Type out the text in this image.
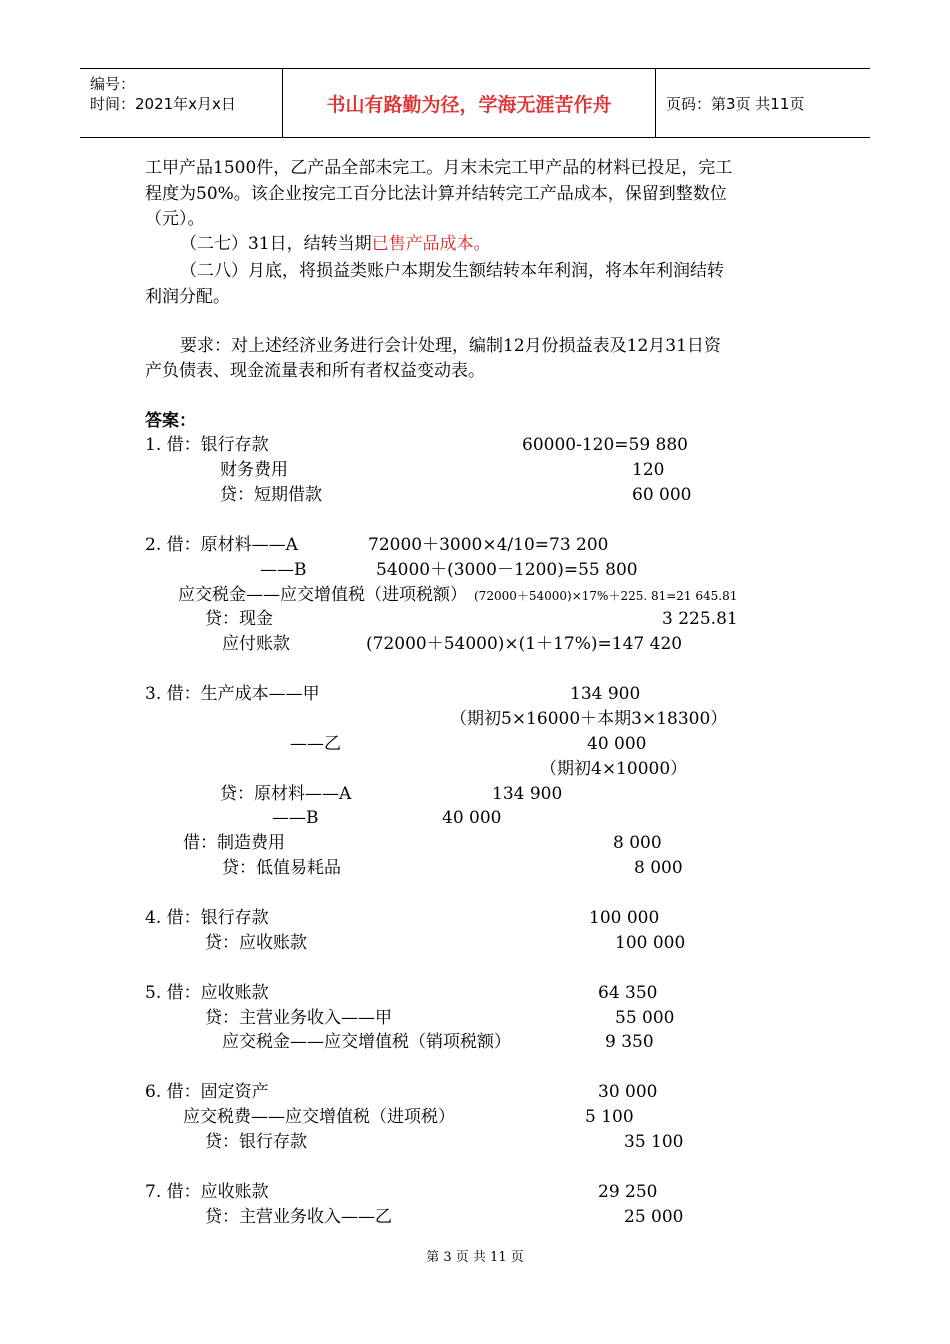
编号：
时间：2021年x月x日	书山有路勤为径，学海无涯苦作舟	页码：第3页 共11页
工甲产品1500件，乙产品全部未完工。月末未完工甲产品的材料已投足，完工
程度为50%。该企业按完工百分比法计算并结转完工产品成本，保留到整数位
（元）。
（二七）31日，结转当期已售产品成本。
（二八）月底，将损益类账户本期发生额结转本年利润，将本年利润结转
利润分配。
要求：对上述经济业务进行会计处理，编制12月份损益表及12月31日资
产负债表、现金流量表和所有者权益变动表。
答案：
1. 借：银行存款	60000-120=59 880
财务费用	120
贷：短期借款	60 000
2. 借：原材料——A	72000＋3000×4/10=73 200
——B	54000＋(3000－1200)=55 800
应交税金——应交增值税（进项税额） (72000＋54000)×17%＋225. 81=21 645.81
贷：现金	3 225.81
应付账款	(72000＋54000)×(1＋17%)=147 420
3. 借：生产成本——甲	134 900
（期初5×16000＋本期3×18300）
——乙	40 000
（期初4×10000）
贷：原材料——A	134 900
——B	40 000
借：制造费用	8 000
贷：低值易耗品	8 000
4. 借：银行存款	100 000
贷：应收账款	100 000
5. 借：应收账款	64 350
贷：主营业务收入——甲	55 000
应交税金——应交增值税（销项税额）	9 350
6. 借：固定资产	30 000
应交税费——应交增值税（进项税）	5 100
贷：银行存款	35 100
7. 借：应收账款	29 250
贷：主营业务收入——乙	25 000
第 3 页 共 11 页
